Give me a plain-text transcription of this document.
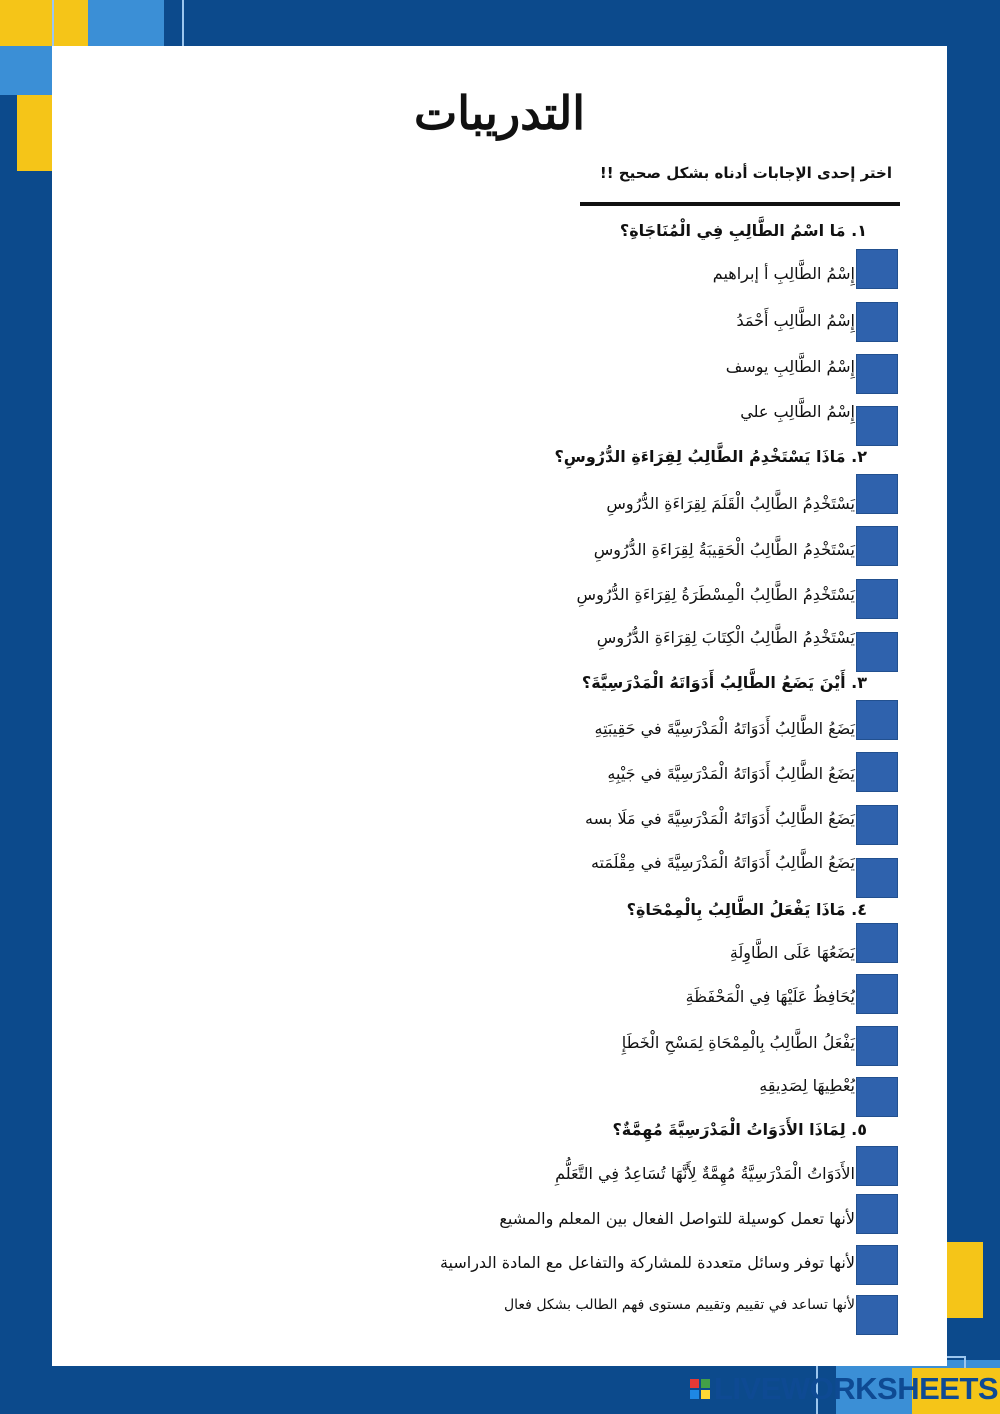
التدريبات
اختر إحدى الإجابات أدناه بشكل صحيح !!
١. مَا اسْمُ الطَّالِبِ فِي الْمُنَاجَاةِ؟
إِسْمُ الطَّالِبِ أ إبراهيم
إِسْمُ الطَّالِبِ أَحْمَدُ
إِسْمُ الطَّالِبِ يوسف
إِسْمُ الطَّالِبِ علي
٢. مَاذَا يَسْتَخْدِمُ الطَّالِبُ لِقِرَاءَةِ الدُّرُوسِ؟
يَسْتَخْدِمُ الطَّالِبُ الْقَلَمَ لِقِرَاءَةِ الدُّرُوسِ
يَسْتَخْدِمُ الطَّالِبُ الْحَقِيبَةُ لِقِرَاءَةِ الدُّرُوسِ
يَسْتَخْدِمُ الطَّالِبُ الْمِسْطَرَةُ لِقِرَاءَةِ الدُّرُوسِ
يَسْتَخْدِمُ الطَّالِبُ الْكِتَابَ لِقِرَاءَةِ الدُّرُوسِ
٣. أَيْنَ يَضَعُ الطَّالِبُ أَدَوَاتَهُ الْمَدْرَسِيَّةَ؟
يَضَعُ الطَّالِبُ أَدَوَاتَهُ الْمَدْرَسِيَّةَ في حَقِيبَتِهِ
يَضَعُ الطَّالِبُ أَدَوَاتَهُ الْمَدْرَسِيَّةَ في جَيْبِهِ
يَضَعُ الطَّالِبُ أَدَوَاتَهُ الْمَدْرَسِيَّةَ في مَلَا بسه
يَضَعُ الطَّالِبُ أَدَوَاتَهُ الْمَدْرَسِيَّةَ في مِقْلَمَته
٤. مَاذَا يَفْعَلُ الطَّالِبُ بِالْمِمْحَاةِ؟
يَضَعُهَا عَلَى الطَّاوِلَةِ
يُحَافِظُ عَلَيْهَا فِي الْمَحْفَظَةِ
يَفْعَلُ الطَّالِبُ بِالْمِمْحَاةِ لِمَسْحِ الْخَطَإِ
يُعْطِيهَا لِصَدِيقِهِ
٥. لِمَاذَا الأَدَوَاتُ الْمَدْرَسِيَّةَ مُهِمَّةٌ؟
الأَدَوَاتُ الْمَدْرَسِيَّةُ مُهِمَّةٌ لِأَنَّهَا تُسَاعِدُ فِي التَّعَلُّمِ
لأنها تعمل كوسيلة للتواصل الفعال بين المعلم والمشيع
لأنها توفر وسائل متعددة للمشاركة والتفاعل مع المادة الدراسية
لأنها تساعد في تقييم وتقييم مستوى فهم الطالب بشكل فعال
LIVEWORKSHEETS
